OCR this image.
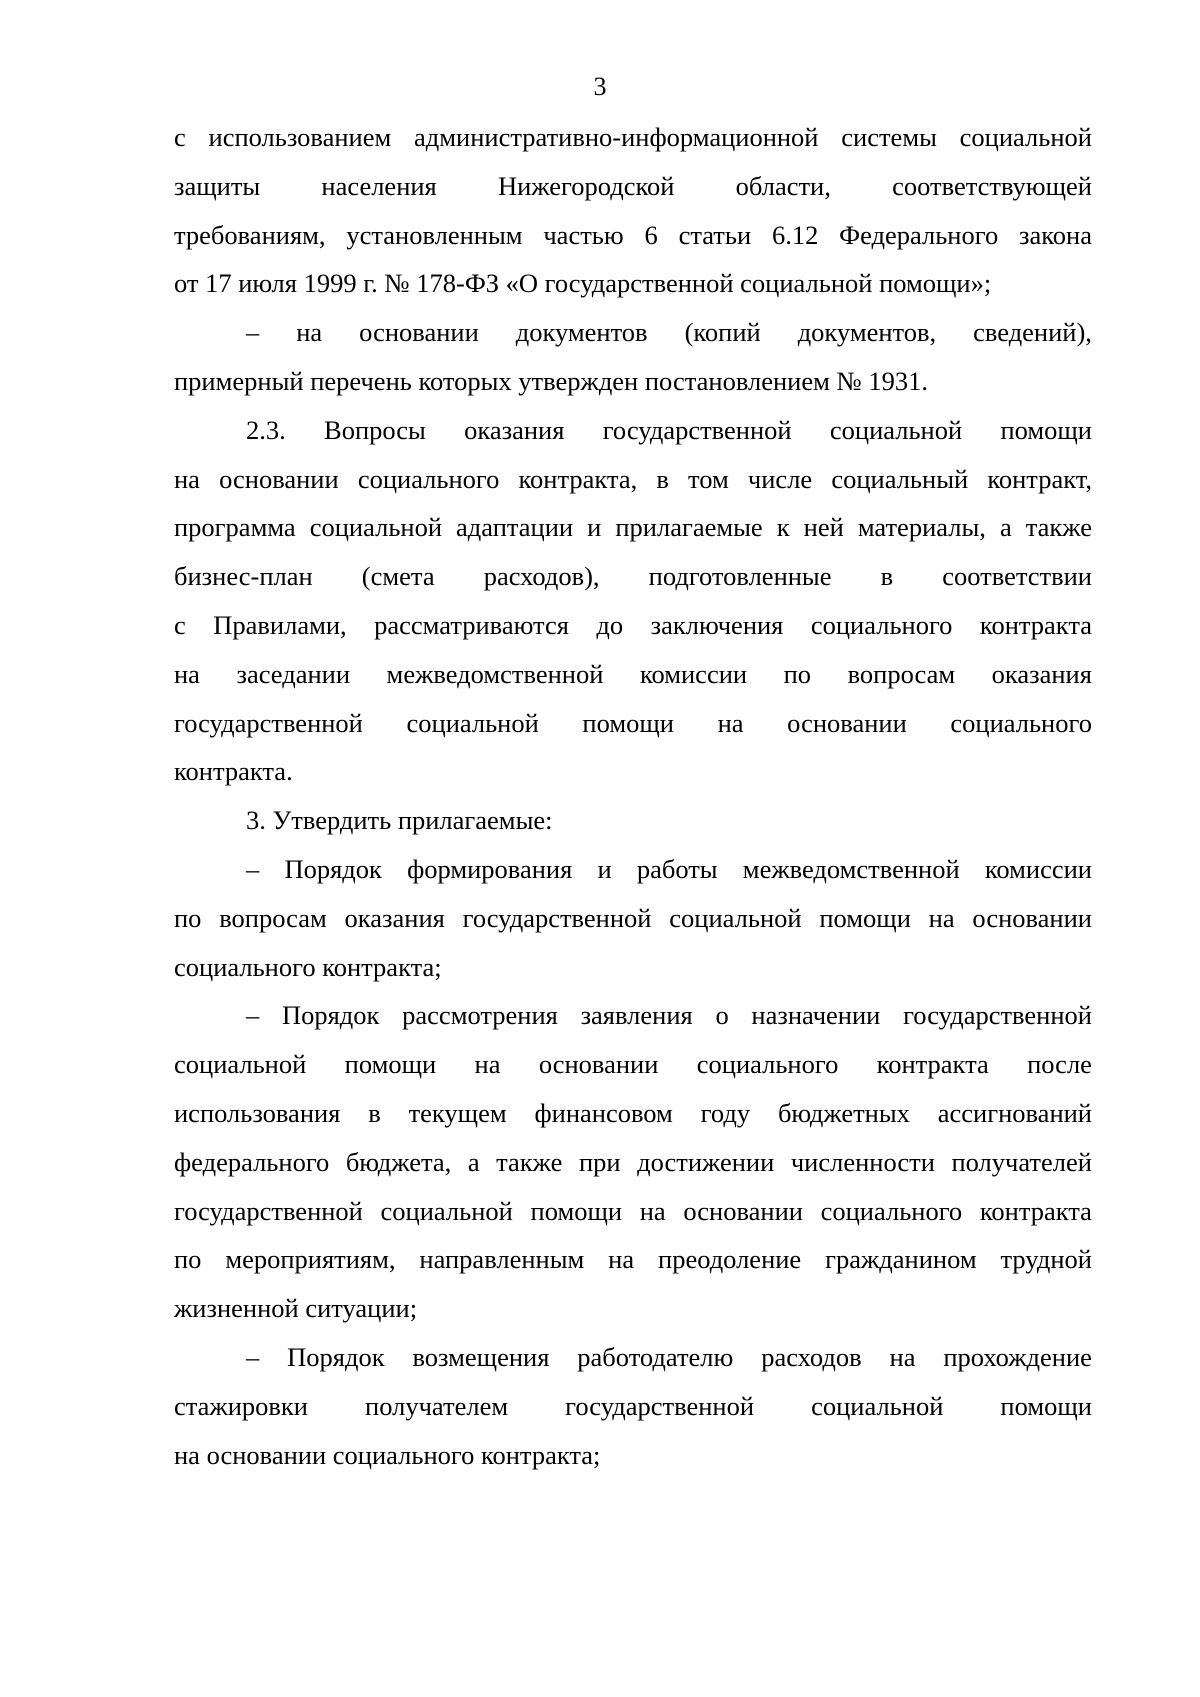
3
с использованием административно-информационной системы социальной
защиты населения Нижегородской области, соответствующей
требованиям, установленным частью 6 статьи 6.12 Федерального закона
от 17 июля 1999 г. № 178-ФЗ «О государственной социальной помощи»;
– на основании документов (копий документов, сведений),
примерный перечень которых утвержден постановлением № 1931.
2.3. Вопросы оказания государственной социальной помощи
на основании социального контракта, в том числе социальный контракт,
программа социальной адаптации и прилагаемые к ней материалы, а также
бизнес-план (смета расходов), подготовленные в соответствии
с Правилами, рассматриваются до заключения социального контракта
на заседании межведомственной комиссии по вопросам оказания
государственной социальной помощи на основании социального
контракта.
3. Утвердить прилагаемые:
– Порядок формирования и работы межведомственной комиссии
по вопросам оказания государственной социальной помощи на основании
социального контракта;
– Порядок рассмотрения заявления о назначении государственной
социальной помощи на основании социального контракта после
использования в текущем финансовом году бюджетных ассигнований
федерального бюджета, а также при достижении численности получателей
государственной социальной помощи на основании социального контракта
по мероприятиям, направленным на преодоление гражданином трудной
жизненной ситуации;
– Порядок возмещения работодателю расходов на прохождение
стажировки получателем государственной социальной помощи
на основании социального контракта;
